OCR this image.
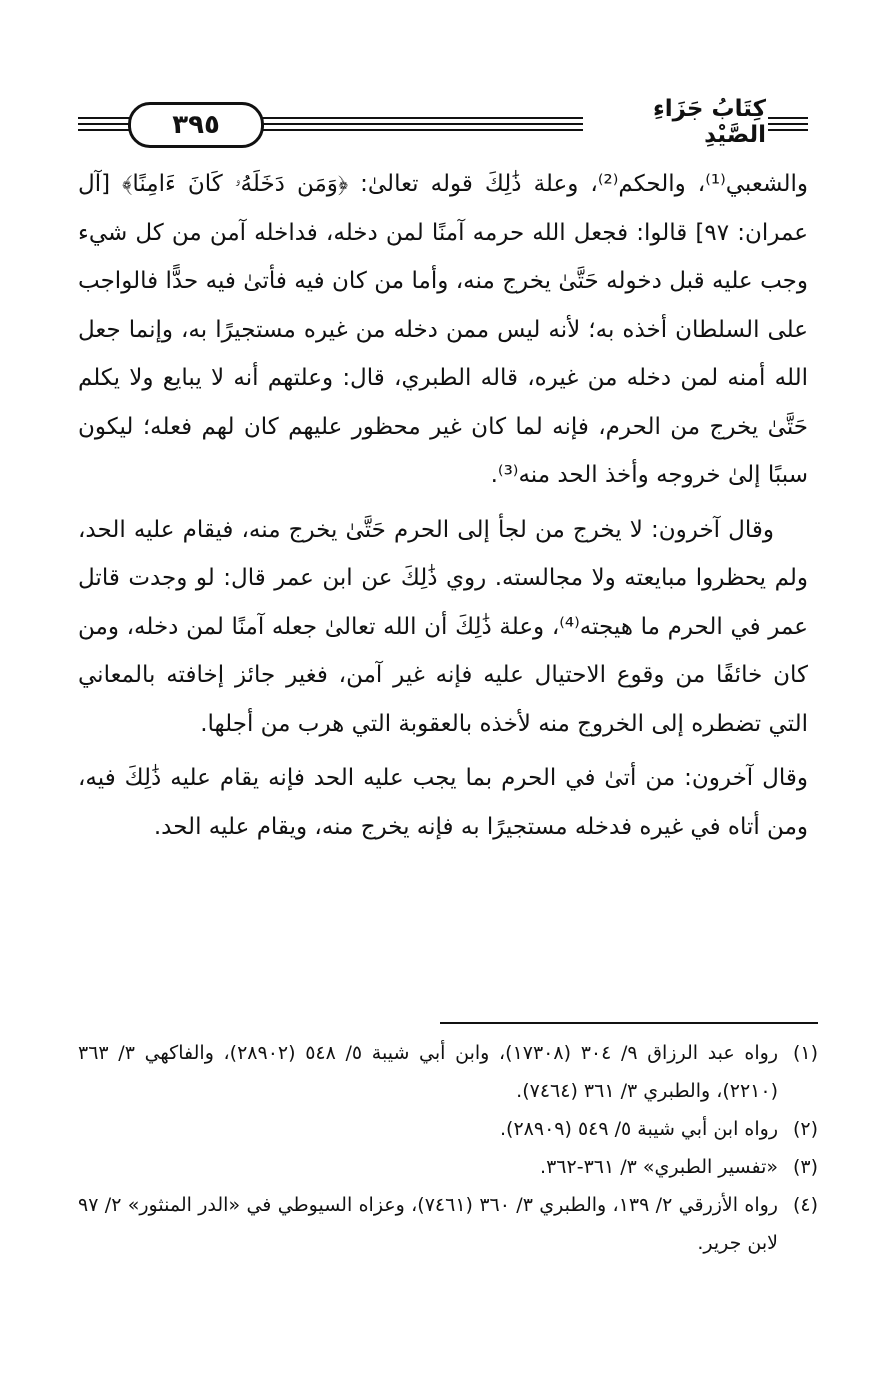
٣٩٥
كِتَابُ جَزَاءِ الصَّيْدِ

والشعبي⁽¹⁾، والحكم⁽²⁾، وعلة ذَٰلِكَ قوله تعالىٰ: ﴿وَمَن دَخَلَهُۥ كَانَ ءَامِنًا﴾ [آل عمران: ٩٧] قالوا: فجعل الله حرمه آمنًا لمن دخله، فداخله آمن من كل شيء وجب عليه قبل دخوله حَتَّىٰ يخرج منه، وأما من كان فيه فأتىٰ فيه حدًّا فالواجب على السلطان أخذه به؛ لأنه ليس ممن دخله من غيره مستجيرًا به، وإنما جعل الله أمنه لمن دخله من غيره، قاله الطبري، قال: وعلتهم أنه لا يبايع ولا يكلم حَتَّىٰ يخرج من الحرم، فإنه لما كان غير محظور عليهم كان لهم فعله؛ ليكون سببًا إلىٰ خروجه وأخذ الحد منه⁽³⁾.

وقال آخرون: لا يخرج من لجأ إلى الحرم حَتَّىٰ يخرج منه، فيقام عليه الحد، ولم يحظروا مبايعته ولا مجالسته. روي ذَٰلِكَ عن ابن عمر قال: لو وجدت قاتل عمر في الحرم ما هيجته⁽⁴⁾، وعلة ذَٰلِكَ أن الله تعالىٰ جعله آمنًا لمن دخله، ومن كان خائفًا من وقوع الاحتيال عليه فإنه غير آمن، فغير جائز إخافته بالمعاني التي تضطره إلى الخروج منه لأخذه بالعقوبة التي هرب من أجلها.

وقال آخرون: من أتىٰ في الحرم بما يجب عليه الحد فإنه يقام عليه ذَٰلِكَ فيه، ومن أتاه في غيره فدخله مستجيرًا به فإنه يخرج منه، ويقام عليه الحد.

(١)
رواه عبد الرزاق ٩/ ٣٠٤ (١٧٣٠٨)، وابن أبي شيبة ٥/ ٥٤٨ (٢٨٩٠٢)، والفاكهي ٣/ ٣٦٣ (٢٢١٠)، والطبري ٣/ ٣٦١ (٧٤٦٤).
(٢)
رواه ابن أبي شيبة ٥/ ٥٤٩ (٢٨٩٠٩).
(٣)
«تفسير الطبري» ٣/ ٣٦١-٣٦٢.
(٤)
رواه الأزرقي ٢/ ١٣٩، والطبري ٣/ ٣٦٠ (٧٤٦١)، وعزاه السيوطي في «الدر المنثور» ٢/ ٩٧ لابن جرير.
